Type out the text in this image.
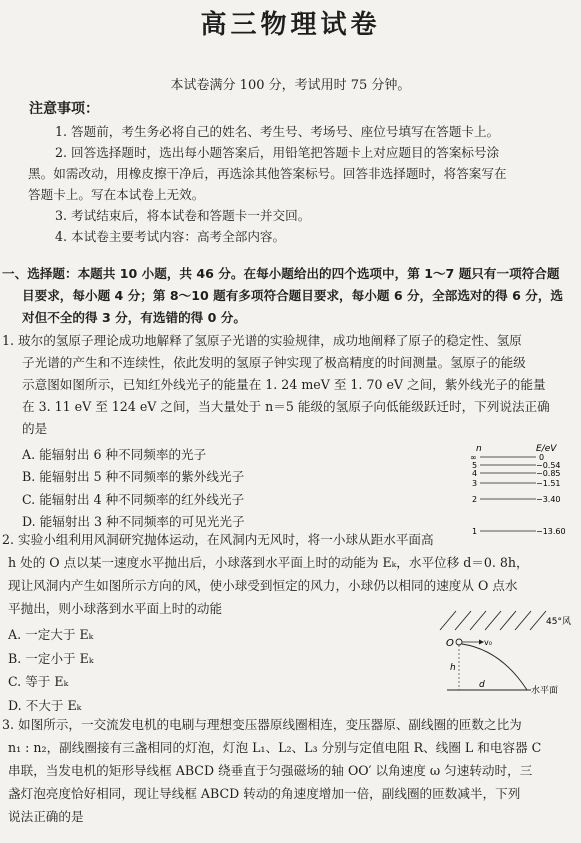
高三物理试卷
本试卷满分 100 分，考试用时 75 分钟。
注意事项：
1. 答题前，考生务必将自己的姓名、考生号、考场号、座位号填写在答题卡上。
2. 回答选择题时，选出每小题答案后，用铅笔把答题卡上对应题目的答案标号涂
黑。如需改动，用橡皮擦干净后，再选涂其他答案标号。回答非选择题时，将答案写在
答题卡上。写在本试卷上无效。
3. 考试结束后，将本试卷和答题卡一并交回。
4. 本试卷主要考试内容：高考全部内容。
一、选择题：本题共 10 小题，共 46 分。在每小题给出的四个选项中，第 1～7 题只有一项符合题
目要求，每小题 4 分；第 8～10 题有多项符合题目要求，每小题 6 分，全部选对的得 6 分，选
对但不全的得 3 分，有选错的得 0 分。
1. 玻尔的氢原子理论成功地解释了氢原子光谱的实验规律，成功地阐释了原子的稳定性、氢原
子光谱的产生和不连续性，依此发明的氢原子钟实现了极高精度的时间测量。氢原子的能级
示意图如图所示，已知红外线光子的能量在 1. 24 meV 至 1. 70 eV 之间，紫外线光子的能量
在 3. 11 eV 至 124 eV 之间，当大量处于 n＝5 能级的氢原子向低能级跃迁时，下列说法正确
的是
A. 能辐射出 6 种不同频率的光子
B. 能辐射出 5 种不同频率的紫外线光子
C. 能辐射出 4 种不同频率的红外线光子
D. 能辐射出 3 种不同频率的可见光光子
n	E/eV
∞	0
5	−0.54
4	−0.85
3	−1.51
2	−3.40
1	−13.60
2. 实验小组利用风洞研究抛体运动，在风洞内无风时，将一小球从距水平面高
h 处的 O 点以某一速度水平抛出后，小球落到水平面上时的动能为 Eₖ，水平位移 d＝0. 8h，
现让风洞内产生如图所示方向的风，使小球受到恒定的风力，小球仍以相同的速度从 O 点水
平抛出，则小球落到水平面上时的动能
A. 一定大于 Eₖ
B. 一定小于 Eₖ
C. 等于 Eₖ
D. 不大于 Eₖ
45°风
O	v₀
h
d
水平面
3. 如图所示，一交流发电机的电刷与理想变压器原线圈相连，变压器原、副线圈的匝数之比为
n₁ : n₂，副线圈接有三盏相同的灯泡，灯泡 L₁、L₂、L₃ 分别与定值电阻 R、线圈 L 和电容器 C
串联，当发电机的矩形导线框 ABCD 绕垂直于匀强磁场的轴 OO′ 以角速度 ω 匀速转动时，三
盏灯泡亮度恰好相同，现让导线框 ABCD 转动的角速度增加一倍，副线圈的匝数减半，下列
说法正确的是
